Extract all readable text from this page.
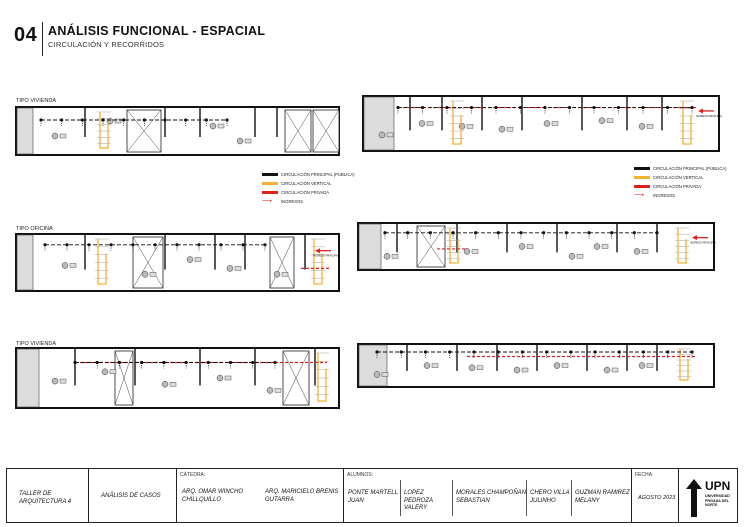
04 ANÁLISIS FUNCIONAL - ESPACIAL
CIRCULACIÓN Y RECORRIDOS
TIPO VIVIENDA
TIPO OFICINA
TIPO VIVIENDA
INGRESO PRINCIPAL
INGRESO PRINCIPAL
INGRESO PRINCIPAL
CIRCULACIÓN PRINCIPAL (PÚBLICA)
CIRCULACIÓN VERTICAL
CIRCULACIÓN PRIVADA
⟶	INGRESOS
CIRCULACIÓN PRINCIPAL (PÚBLICA)
CIRCULACIÓN VERTICAL
CIRCULACIÓN PRIVADA
⟶	INGRESOS
TALLER DE ARQUITECTURA 4
ANÁLISIS DE CASOS
CÁTEDRA:
ARQ. OMAR WINCHO CHILLQUILLO
ARQ. MARICIELO BRENIS GUTARRA
ALUMNOS:
PONTE MARTELL JUAN
LOPEZ PEDROZA VALERY
MORALES CHAMPOÑAN SEBASTIAN
CHERO VILLA JULINHO
GUZMAN RAMIREZ MELANY
FECHA:
AGOSTO 2023
UPN
UNIVERSIDAD PRIVADA DEL NORTE
